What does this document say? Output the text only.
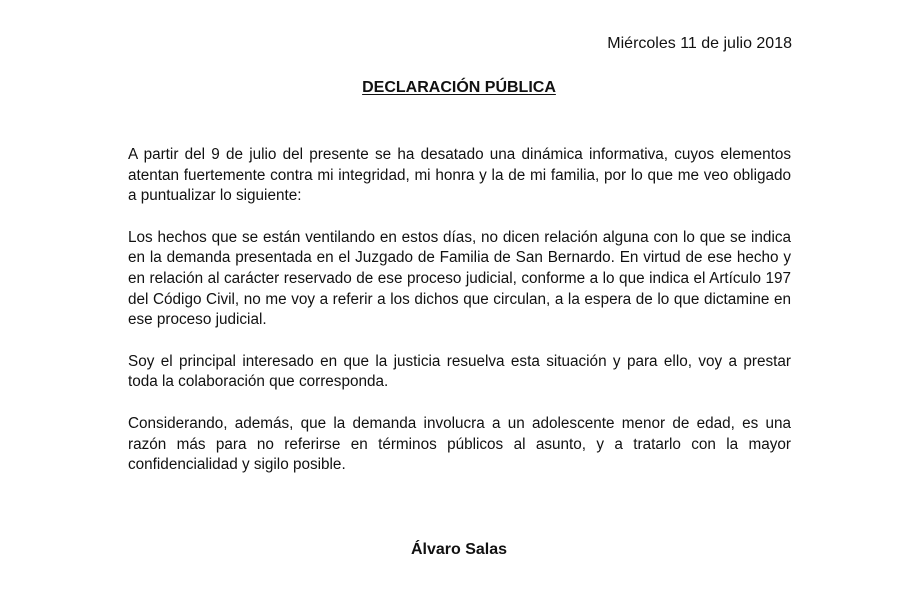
Miércoles 11 de julio 2018
DECLARACIÓN PÚBLICA

A partir del 9 de julio del presente se ha desatado una dinámica informativa, cuyos elementos atentan fuertemente contra mi integridad, mi honra y la de mi familia, por lo que me veo obligado a puntualizar lo siguiente:

Los hechos que se están ventilando en estos días, no dicen relación alguna con lo que se indica en la demanda presentada en el Juzgado de Familia de San Bernardo. En virtud de ese hecho y en relación al carácter reservado de ese proceso judicial, conforme a lo que indica el Artículo 197 del Código Civil, no me voy a referir a los dichos que circulan, a la espera de lo que dictamine en ese proceso judicial.

Soy el principal interesado en que la justicia resuelva esta situación y para ello, voy a prestar toda la colaboración que corresponda.

Considerando, además, que la demanda involucra a un adolescente menor de edad, es una razón más para no referirse en términos públicos al asunto, y a tratarlo con la mayor confidencialidad y sigilo posible.

Álvaro Salas
